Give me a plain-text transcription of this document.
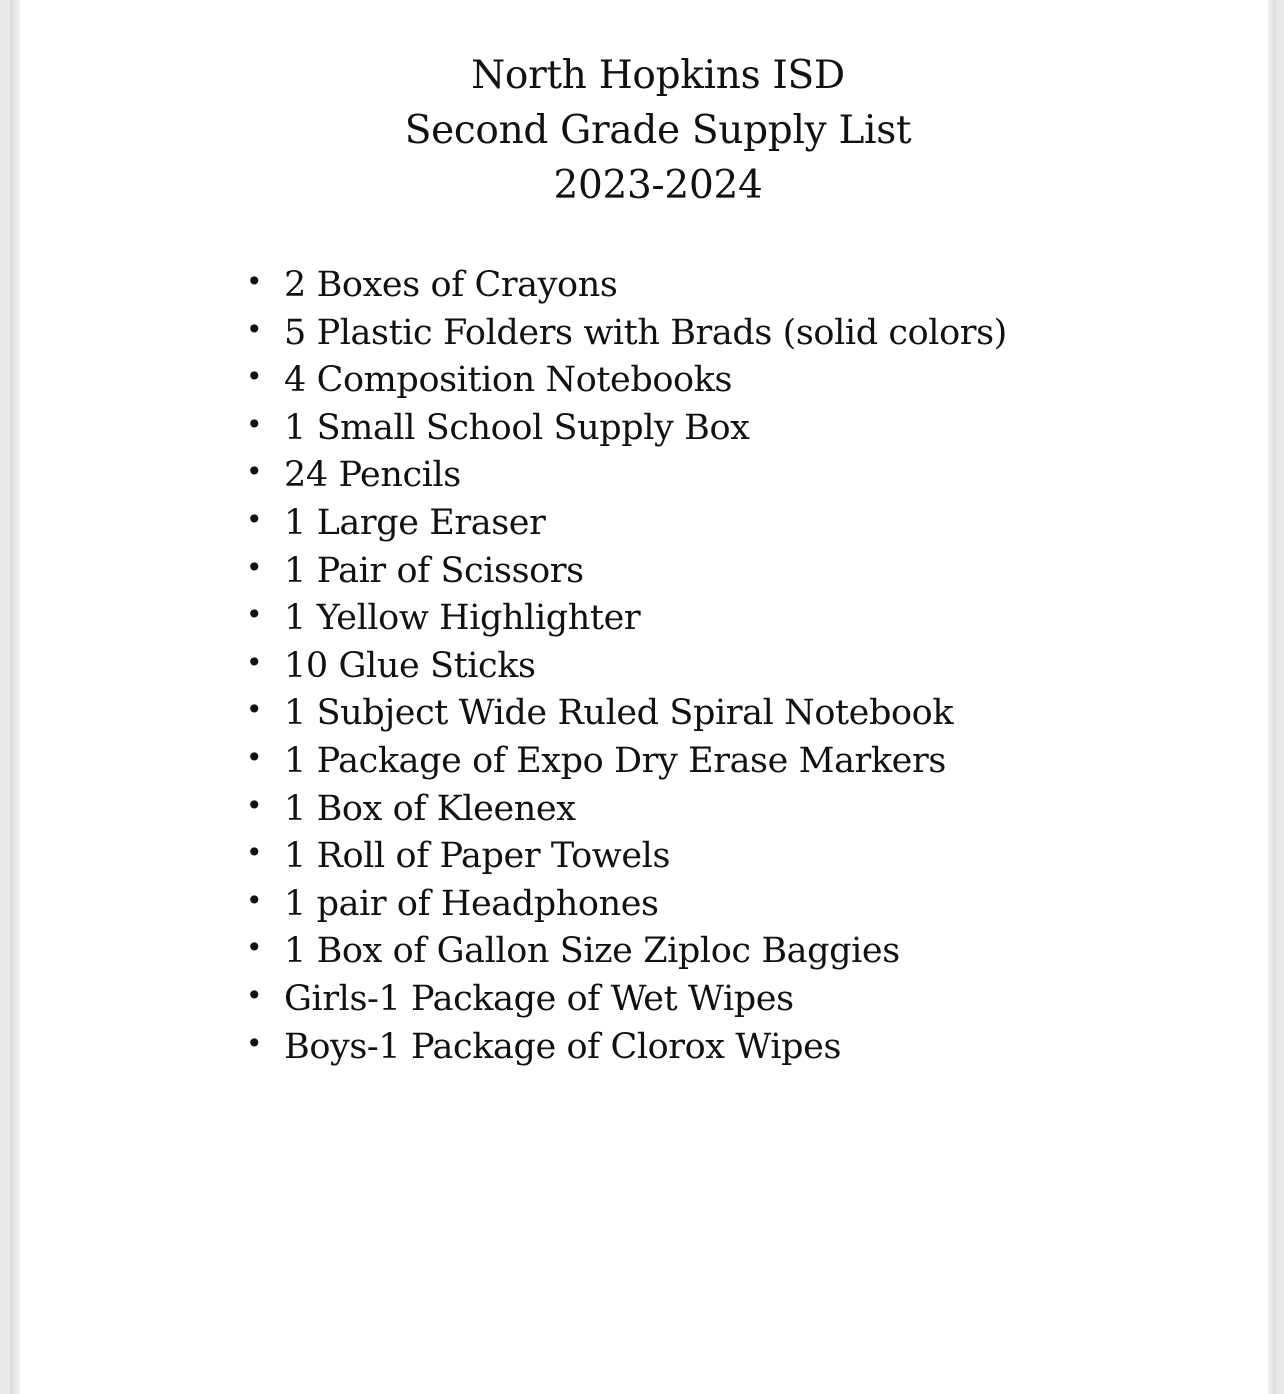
North Hopkins ISD
Second Grade Supply List
2023-2024
• 2 Boxes of Crayons
• 5 Plastic Folders with Brads (solid colors)
• 4 Composition Notebooks
• 1 Small School Supply Box
• 24 Pencils
• 1 Large Eraser
• 1 Pair of Scissors
• 1 Yellow Highlighter
• 10 Glue Sticks
• 1 Subject Wide Ruled Spiral Notebook
• 1 Package of Expo Dry Erase Markers
• 1 Box of Kleenex
• 1 Roll of Paper Towels
• 1 pair of Headphones
• 1 Box of Gallon Size Ziploc Baggies
• Girls-1 Package of Wet Wipes
• Boys-1 Package of Clorox Wipes
